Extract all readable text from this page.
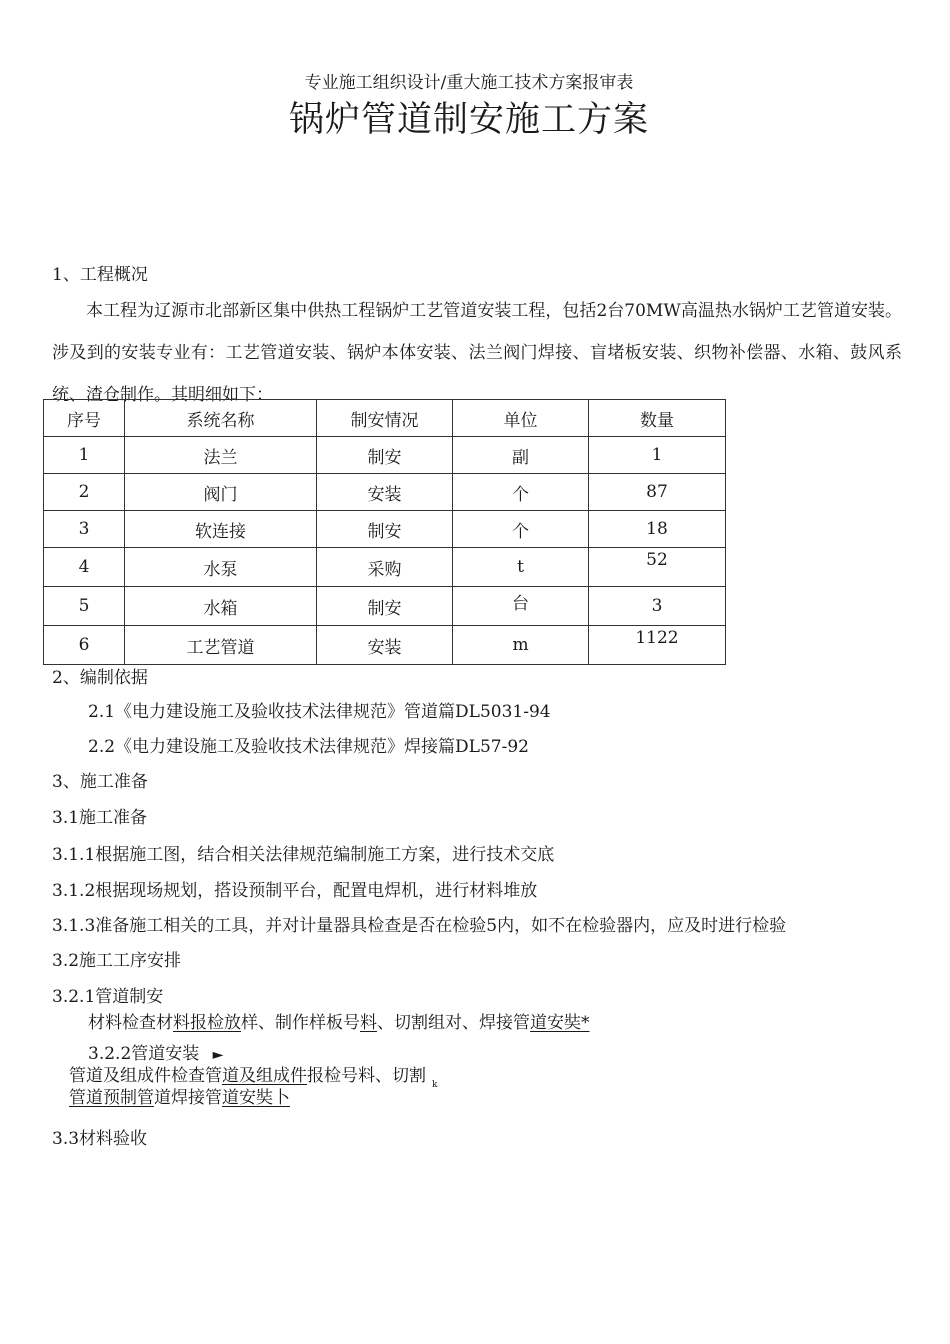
专业施工组织设计/重大施工技术方案报审表
锅炉管道制安施工方案
1、工程概况
本工程为辽源市北部新区集中供热工程锅炉工艺管道安装工程，包括2台70MW高温热水锅炉工艺管道安装。涉及到的安装专业有：工艺管道安装、锅炉本体安装、法兰阀门焊接、盲堵板安装、织物补偿器、水箱、鼓风系统、渣仓制作。其明细如下：
序号	系统名称	制安情况	单位	数量
1	法兰	制安	副	1
2	阀门	安装	个	87
3	软连接	制安	个	18
4	水泵	采购	t	52
5	水箱	制安	台	3
6	工艺管道	安装	m	1122
2、编制依据
2.1《电力建设施工及验收技术法律规范》管道篇DL5031-94
2.2《电力建设施工及验收技术法律规范》焊接篇DL57-92
3、施工准备
3.1施工准备
3.1.1根据施工图，结合相关法律规范编制施工方案，进行技术交底
3.1.2根据现场规划，搭设预制平台，配置电焊机，进行材料堆放
3.1.3准备施工相关的工具，并对计量器具检查是否在检验5内，如不在检验器内，应及时进行检验
3.2施工工序安排
3.2.1管道制安
材料检查材料报检放样、制作样板号料、切割组对、焊接管道安奘*
3.2.2管道安装 ►
管道及组成件检查管道及组成件报检号料、切割 $_k$
管道预制管道焊接管道安奘卜
3.3材料验收
